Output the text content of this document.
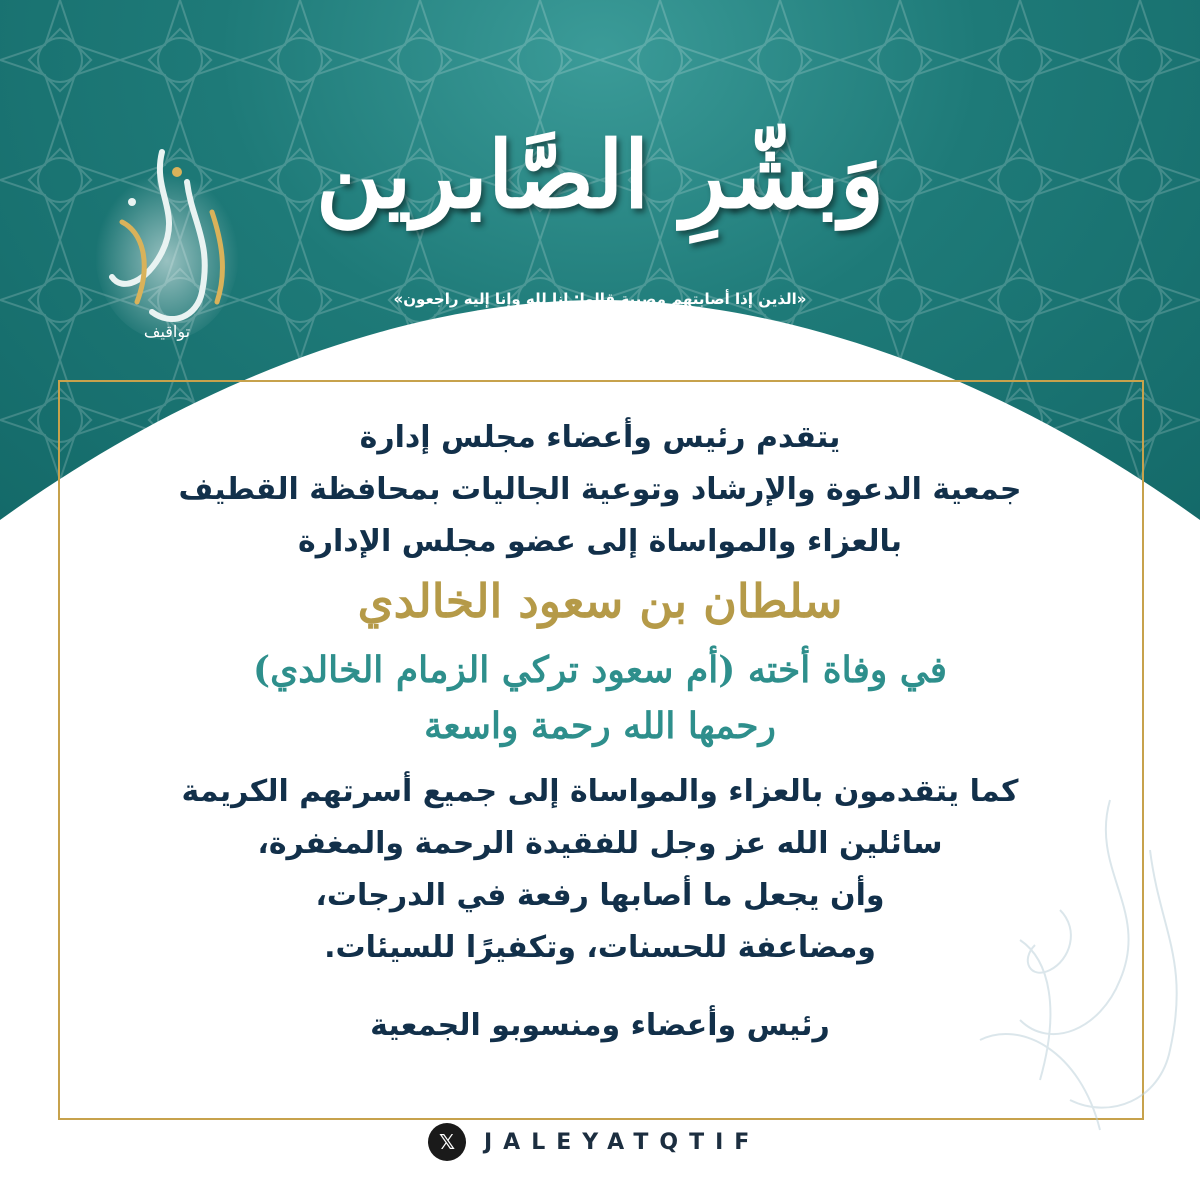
تواقيف
وَبشّرِ الصَّابرين
«الذين إذا أصابتهم مصيبة قالوا: إنا لله وإنا إليه راجعون»
يتقدم رئيس وأعضاء مجلس إدارة
جمعية الدعوة والإرشاد وتوعية الجاليات بمحافظة القطيف
بالعزاء والمواساة إلى عضو مجلس الإدارة
سلطان بن سعود الخالدي
في وفاة أخته (أم سعود تركي الزمام الخالدي)
رحمها الله رحمة واسعة
كما يتقدمون بالعزاء والمواساة إلى جميع أسرتهم الكريمة
سائلين الله عز وجل للفقيدة الرحمة والمغفرة،
وأن يجعل ما أصابها رفعة في الدرجات،
ومضاعفة للحسنات، وتكفيرًا للسيئات.
رئيس وأعضاء ومنسوبو الجمعية
𝕏	JALEYATQTIF
